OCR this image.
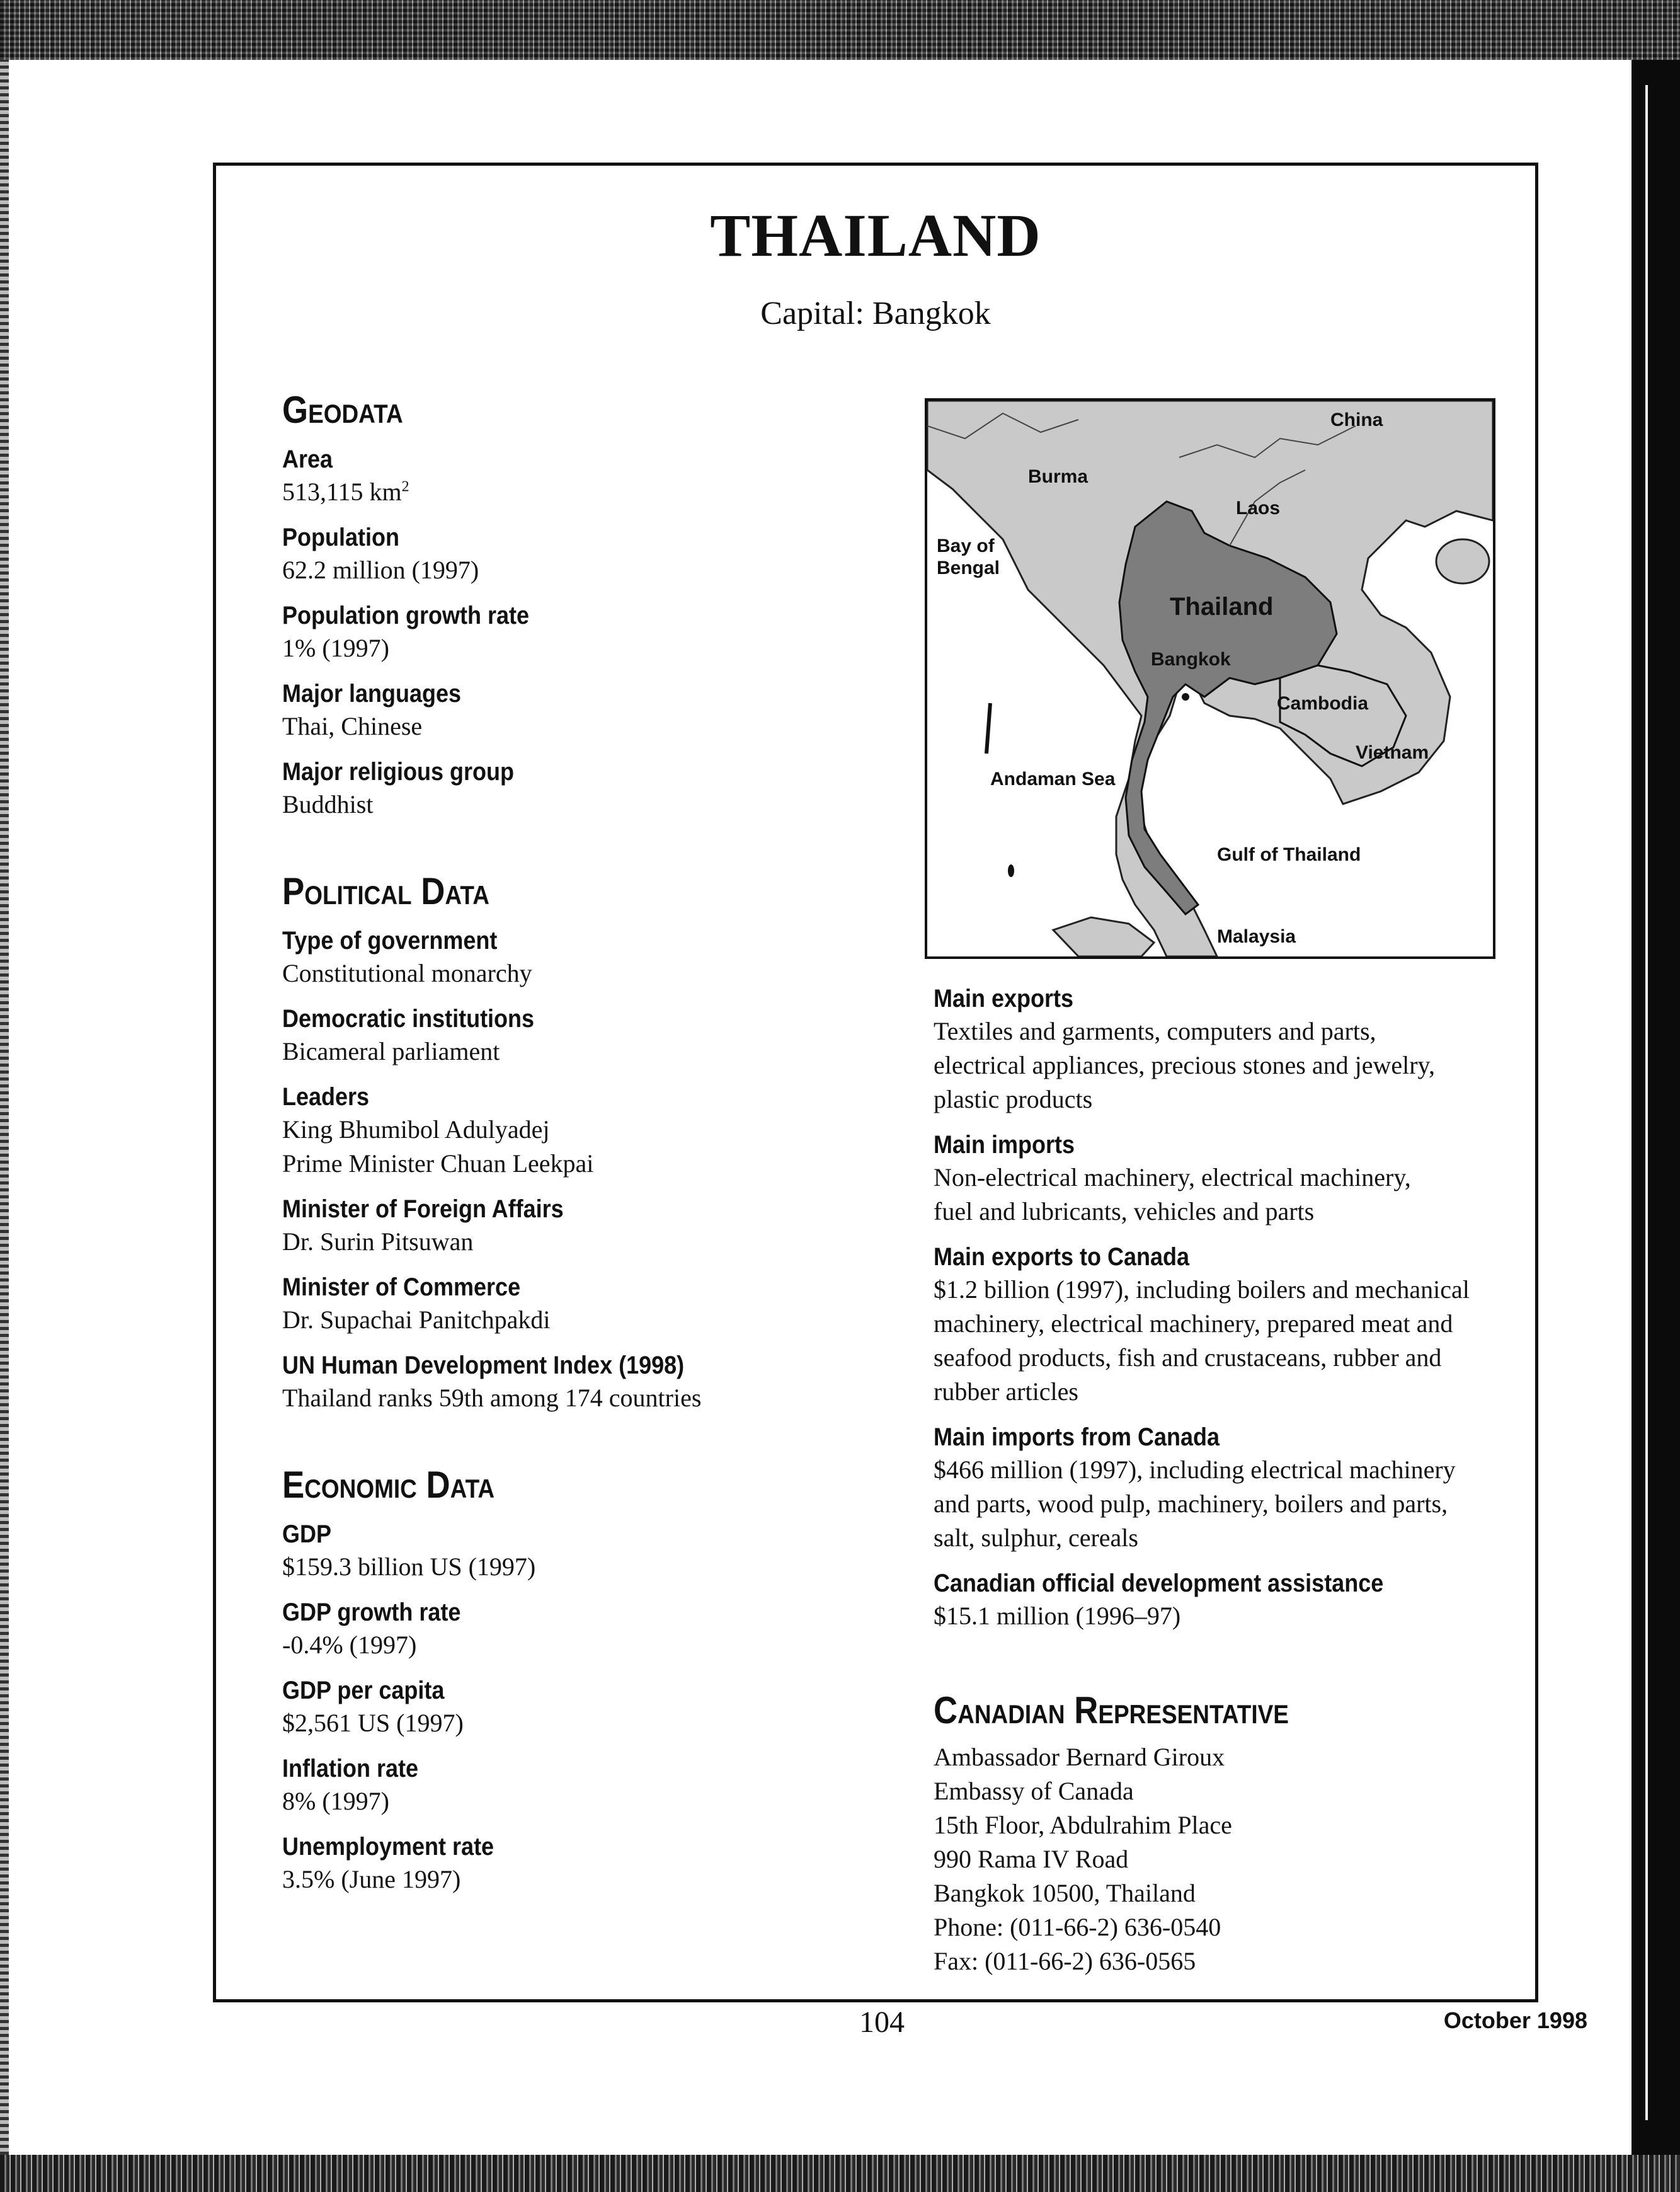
THAILAND
Capital: Bangkok
Geodata
Area
513,115 $km^2$
Population
62.2 million (1997)
Population growth rate
1% (1997)
Major languages
Thai, Chinese
Major religious group
Buddhist
Political Data
Type of government
Constitutional monarchy
Democratic institutions
Bicameral parliament
Leaders
King Bhumibol Adulyadej
Prime Minister Chuan Leekpai
Minister of Foreign Affairs
Dr. Surin Pitsuwan
Minister of Commerce
Dr. Supachai Panitchpakdi
UN Human Development Index (1998)
Thailand ranks 59th among 174 countries
Economic Data
GDP
$159.3 billion US (1997)
GDP growth rate
-0.4% (1997)
GDP per capita
$2,561 US (1997)
Inflation rate
8% (1997)
Unemployment rate
3.5% (June 1997)
China
Burma
Laos
Bay of
Bengal
Thailand
Bangkok
Cambodia
Vietnam
Andaman Sea
Gulf of Thailand
Malaysia
Main exports
Textiles and garments, computers and parts,
electrical appliances, precious stones and jewelry,
plastic products
Main imports
Non-electrical machinery, electrical machinery,
fuel and lubricants, vehicles and parts
Main exports to Canada
$1.2 billion (1997), including boilers and mechanical
machinery, electrical machinery, prepared meat and
seafood products, fish and crustaceans, rubber and
rubber articles
Main imports from Canada
$466 million (1997), including electrical machinery
and parts, wood pulp, machinery, boilers and parts,
salt, sulphur, cereals
Canadian official development assistance
$15.1 million (1996–97)
Canadian Representative
Ambassador Bernard Giroux
Embassy of Canada
15th Floor, Abdulrahim Place
990 Rama IV Road
Bangkok 10500, Thailand
Phone: (011-66-2) 636-0540
Fax: (011-66-2) 636-0565
104	October 1998
